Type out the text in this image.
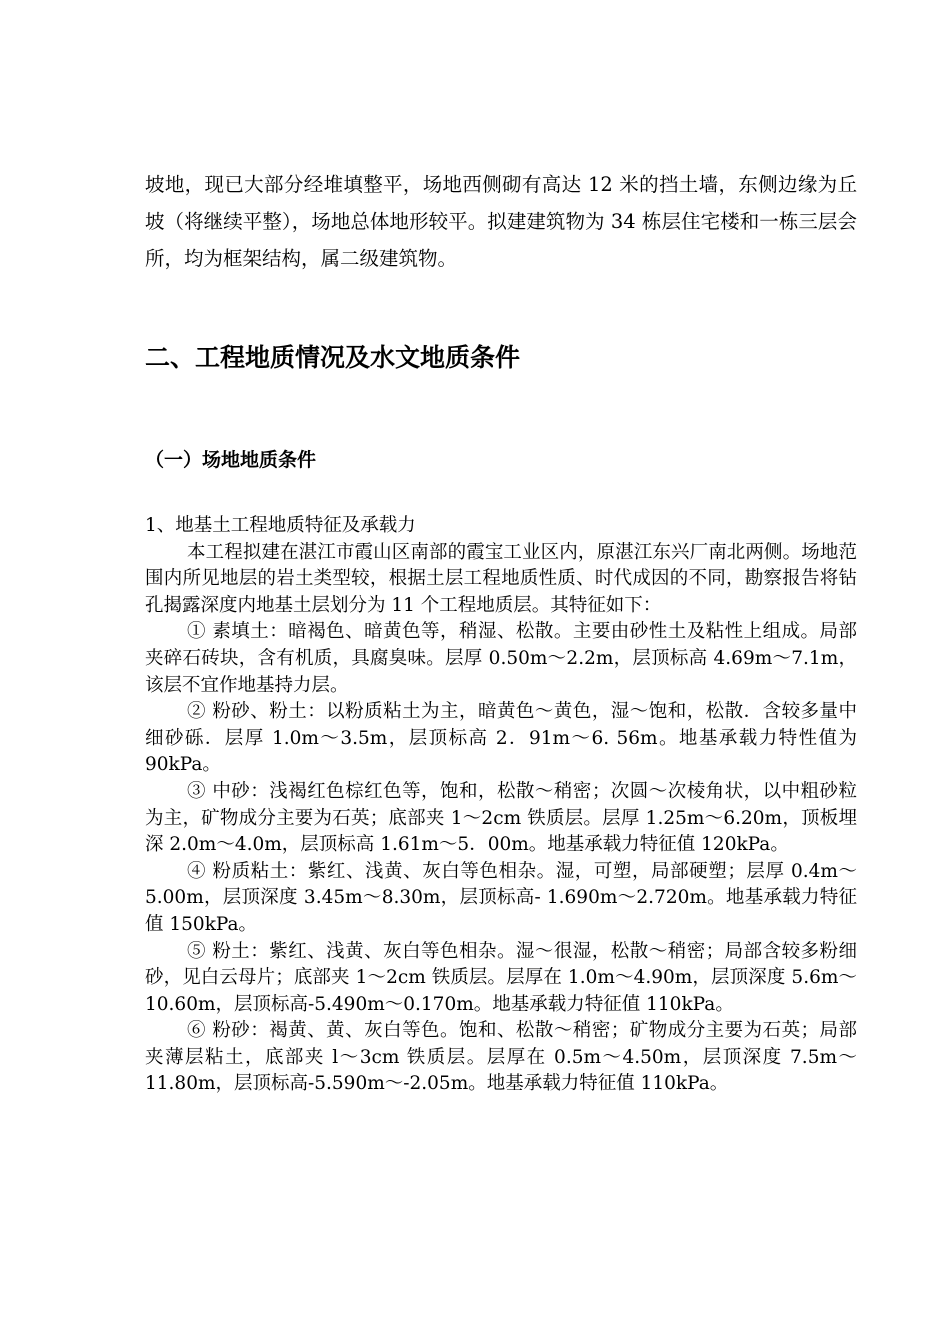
坡地，现已大部分经堆填整平，场地西侧砌有高达 12 米的挡土墙，东侧边缘为丘坡（将继续平整），场地总体地形较平。拟建建筑物为 34 栋层住宅楼和一栋三层会所，均为框架结构，属二级建筑物。

二、工程地质情况及水文地质条件
（一）场地地质条件

1、地基土工程地质特征及承载力

本工程拟建在湛江市霞山区南部的霞宝工业区内，原湛江东兴厂南北两侧。场地范围内所见地层的岩土类型较，根据土层工程地质性质、时代成因的不同，勘察报告将钻孔揭露深度内地基土层划分为 11 个工程地质层。其特征如下：

① 素填土：暗褐色、暗黄色等，稍湿、松散。主要由砂性土及粘性上组成。局部夹碎石砖块，含有机质，具腐臭味。层厚 0.50m～2.2m，层顶标高 4.69m～7.1m，该层不宜作地基持力层。

② 粉砂、粉土：以粉质粘土为主，暗黄色～黄色，湿～饱和，松散．含较多量中细砂砾．层厚 1.0m～3.5m，层顶标高 2．91m～6. 56m。地基承载力特性值为 90kPa。

③ 中砂：浅褐红色棕红色等，饱和，松散～稍密；次圆～次棱角状，以中粗砂粒为主，矿物成分主要为石英；底部夹 1～2cm 铁质层。层厚 1.25m～6.20m，顶板埋深 2.0m～4.0m，层顶标高 1.61m～5．00m。地基承载力特征值 120kPa。

④ 粉质粘土：紫红、浅黄、灰白等色相杂。湿，可塑，局部硬塑；层厚 0.4m～5.00m，层顶深度 3.45m～8.30m，层顶标高- 1.690m～2.720m。地基承载力特征值 150kPa。

⑤ 粉土：紫红、浅黄、灰白等色相杂。湿～很湿，松散～稍密；局部含较多粉细砂，见白云母片；底部夹 1～2cm 铁质层。层厚在 1.0m～4.90m，层顶深度 5.6m～10.60m，层顶标高-5.490m～0.170m。地基承载力特征值 110kPa。

⑥ 粉砂：褐黄、黄、灰白等色。饱和、松散～稍密；矿物成分主要为石英；局部夹薄层粘土，底部夹 l～3cm 铁质层。层厚在 0.5m～4.50m，层顶深度 7.5m～ 11.80m，层顶标高-5.590m～-2.05m。地基承载力特征值 110kPa。
